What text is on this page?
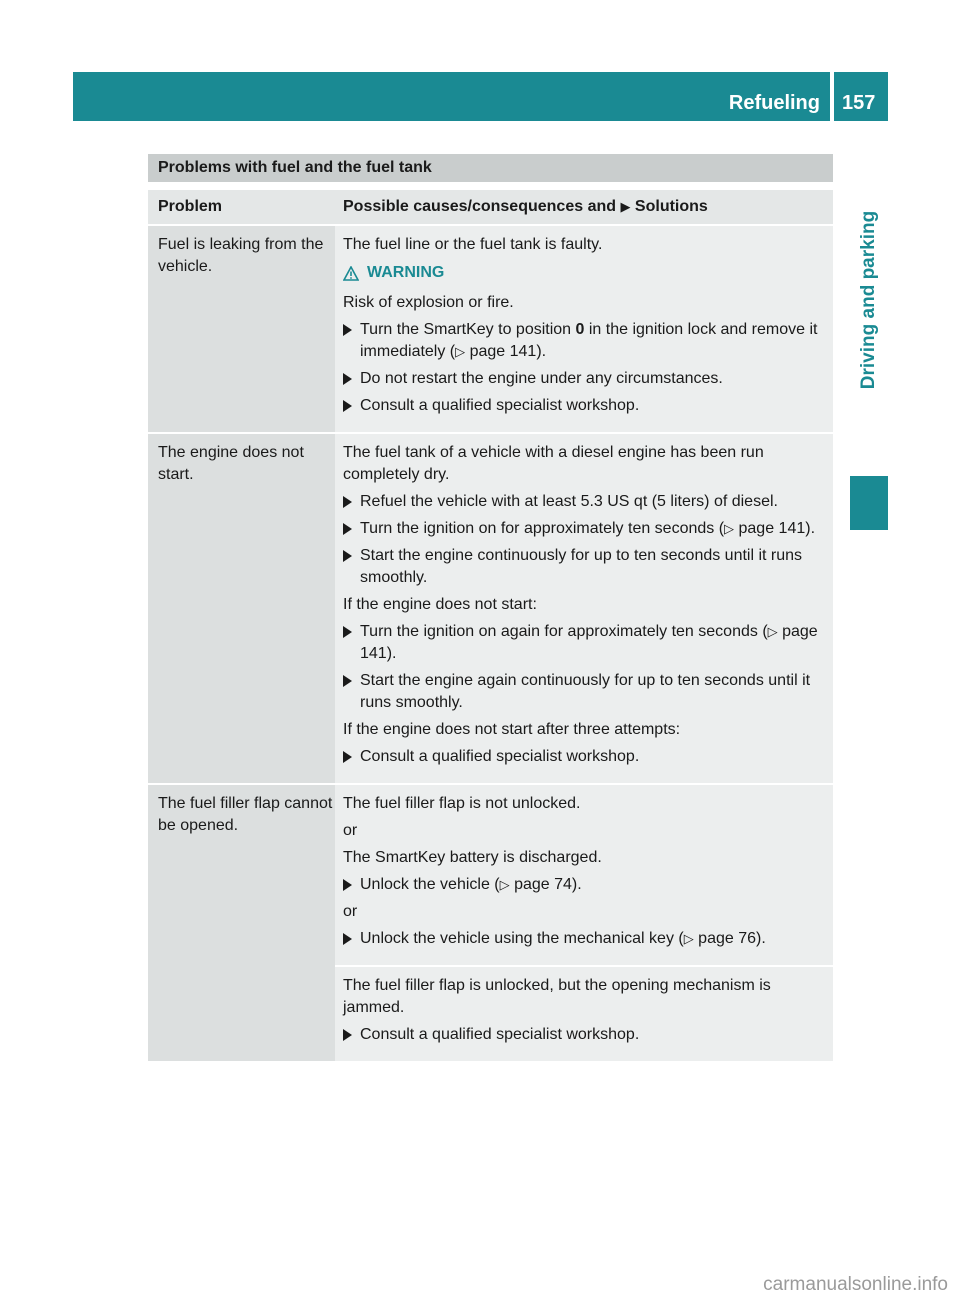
Refueling 157
Driving and parking
Problems with fuel and the fuel tank
Problem	Possible causes/consequences and ▶ Solutions
Fuel is leaking from the vehicle.

The fuel line or the fuel tank is faulty.

WARNING

Risk of explosion or fire.

Turn the SmartKey to position 0 in the ignition lock and remove it immediately (▷ page 141).
Do not restart the engine under any circumstances.
Consult a qualified specialist workshop.
The engine does not start.

The fuel tank of a vehicle with a diesel engine has been run completely dry.

Refuel the vehicle with at least 5.3 US qt (5 liters) of diesel.
Turn the ignition on for approximately ten seconds (▷ page 141).
Start the engine continuously for up to ten seconds until it runs smoothly.

If the engine does not start:

Turn the ignition on again for approximately ten seconds (▷ page 141).
Start the engine again continuously for up to ten seconds until it runs smoothly.

If the engine does not start after three attempts:

Consult a qualified specialist workshop.
The fuel filler flap cannot be opened.

The fuel filler flap is not unlocked.

or

The SmartKey battery is discharged.

Unlock the vehicle (▷ page 74).

or

Unlock the vehicle using the mechanical key (▷ page 76).

The fuel filler flap is unlocked, but the opening mechanism is jammed.

Consult a qualified specialist workshop.
carmanualsonline.info
